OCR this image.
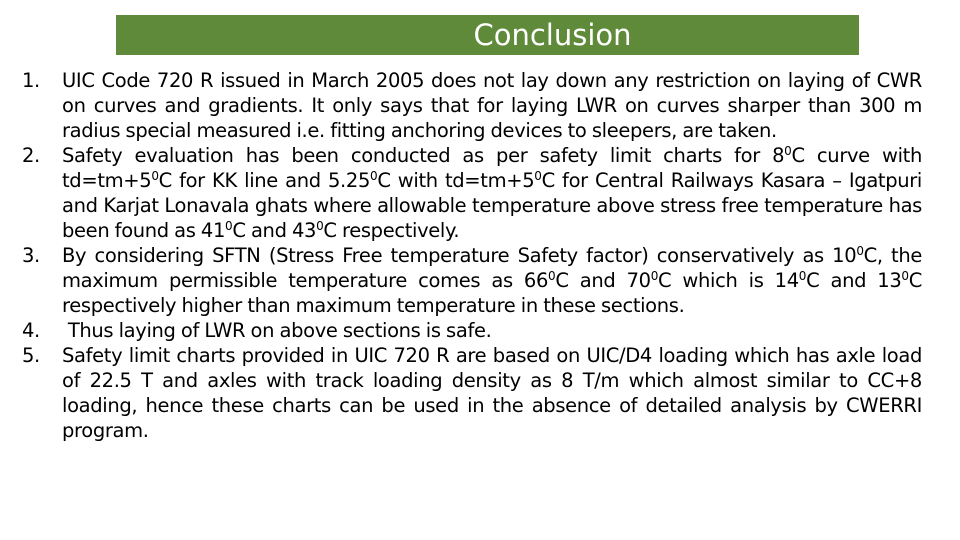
Conclusion
1. UIC Code 720 R issued in March 2005 does not lay down any restriction on laying of CWR on curves and gradients. It only says that for laying LWR on curves sharper than 300 m radius special measured i.e. fitting anchoring devices to sleepers, are taken.
2. Safety evaluation has been conducted as per safety limit charts for $8^0C$ curve with $td=tm+5^0C$ for KK line and 5.25$^0$C with $td=tm+5^0C$ for Central Railways Kasara – Igatpuri and Karjat Lonavala ghats where allowable temperature above stress free temperature has been found as $41^0C$ and $43^0C$ respectively.
3. By considering SFTN (Stress Free temperature Safety factor) conservatively as $10^0C$, the maximum permissible temperature comes as $66^0C$ and $70^0C$ which is $14^0C$ and $13^0C$ respectively higher than maximum temperature in these sections.
4. Thus laying of LWR on above sections is safe.
5. Safety limit charts provided in UIC 720 R are based on UIC/D4 loading which has axle load of 22.5 T and axles with track loading density as 8 T/m which almost similar to CC+8 loading, hence these charts can be used in the absence of detailed analysis by CWERRI program.
